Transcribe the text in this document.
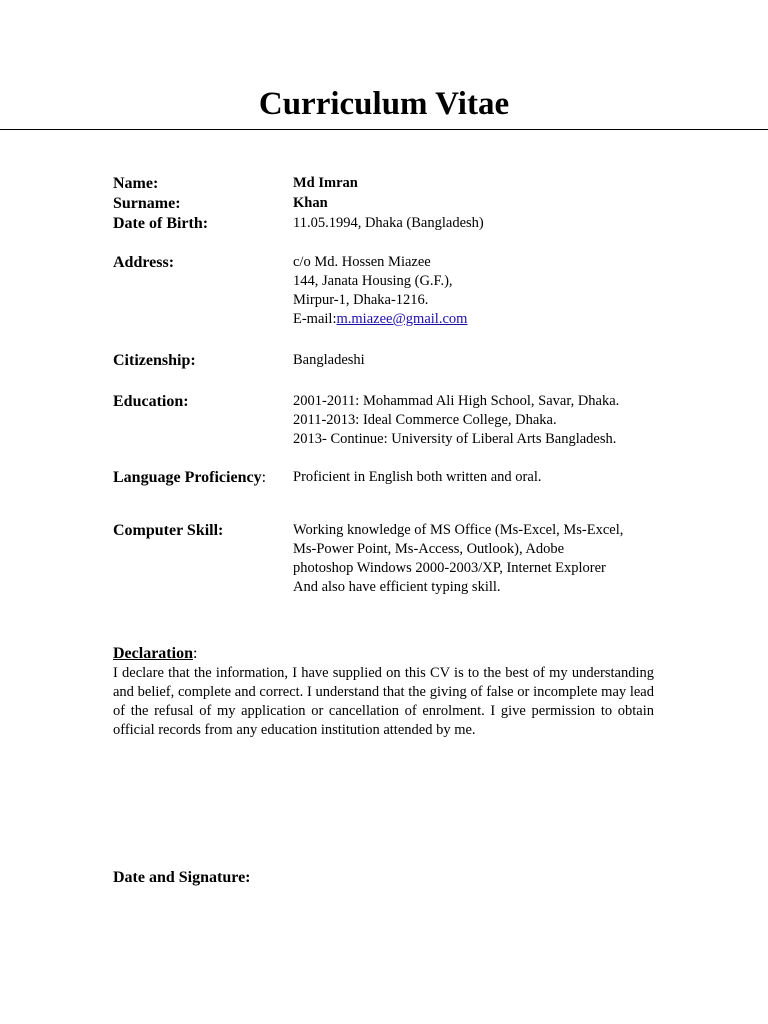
Curriculum Vitae
Name:	Md Imran
Surname:	Khan
Date of Birth:	11.05.1994, Dhaka (Bangladesh)
Address:	c/o Md. Hossen Miazee
144, Janata Housing (G.F.),
Mirpur-1, Dhaka-1216.
E-mail:m.miazee@gmail.com
Citizenship:	Bangladeshi
Education:	2001-2011: Mohammad Ali High School, Savar, Dhaka.
2011-2013: Ideal Commerce College, Dhaka.
2013- Continue: University of Liberal Arts Bangladesh.
Language Proficiency: Proficient in English both written and oral.
Computer Skill:	Working knowledge of MS Office (Ms-Excel, Ms-Excel,
Ms-Power Point, Ms-Access, Outlook), Adobe
photoshop Windows 2000-2003/XP, Internet Explorer
And also have efficient typing skill.
Declaration:
I declare that the information, I have supplied on this CV is to the best of my understanding and belief, complete and correct. I understand that the giving of false or incomplete may lead of the refusal of my application or cancellation of enrolment. I give permission to obtain official records from any education institution attended by me.
Date and Signature:
